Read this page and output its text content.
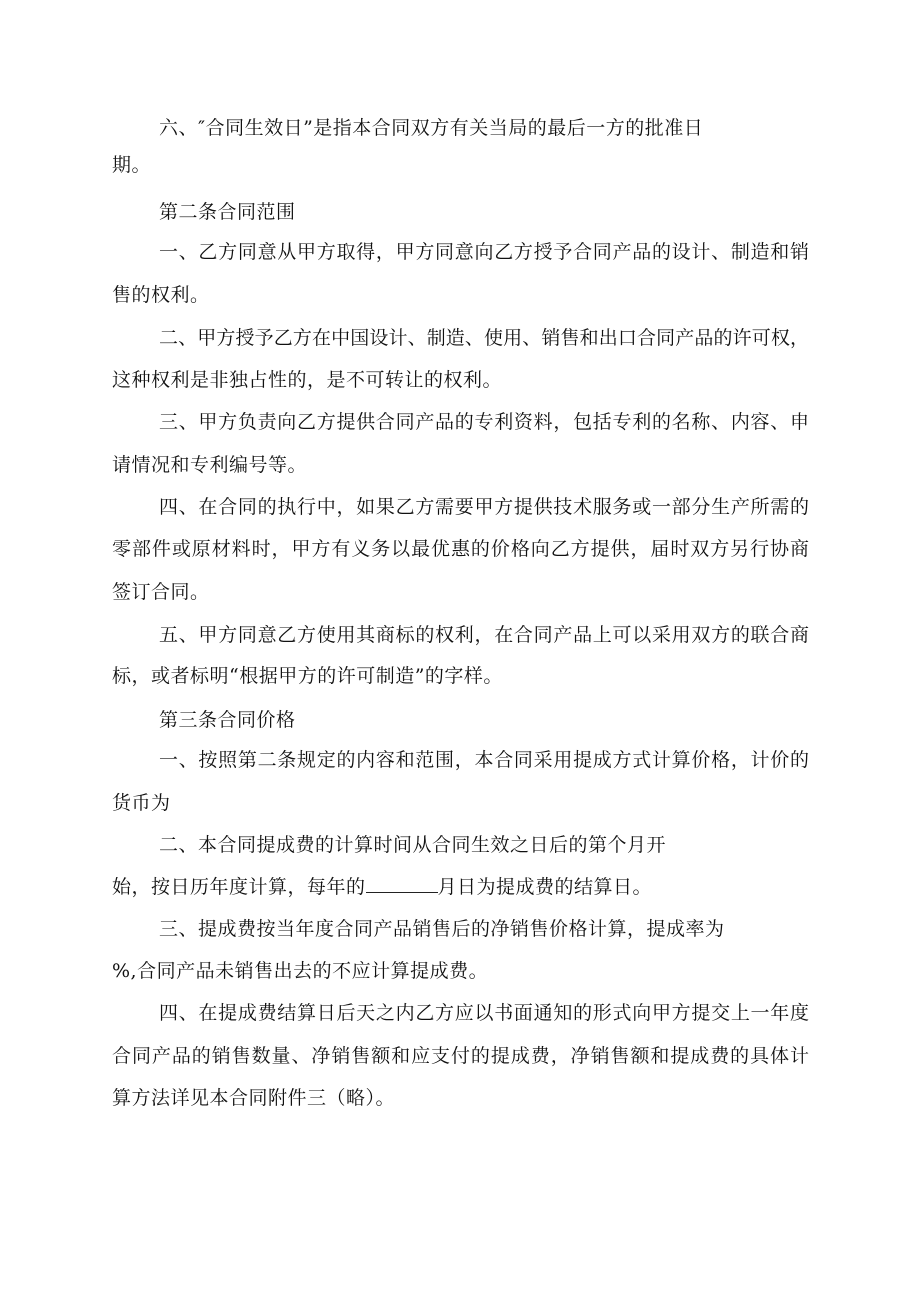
六、″合同生效日”是指本合同双方有关当局的最后一方的批准日
期。
第二条合同范围
一、乙方同意从甲方取得，甲方同意向乙方授予合同产品的设计、制造和销
售的权利。
二、甲方授予乙方在中国设计、制造、使用、销售和出口合同产品的许可权，
这种权利是非独占性的，是不可转让的权利。
三、甲方负责向乙方提供合同产品的专利资料，包括专利的名称、内容、申
请情况和专利编号等。
四、在合同的执行中，如果乙方需要甲方提供技术服务或一部分生产所需的
零部件或原材料时，甲方有义务以最优惠的价格向乙方提供，届时双方另行协商
签订合同。
五、甲方同意乙方使用其商标的权利，在合同产品上可以采用双方的联合商
标，或者标明“根据甲方的许可制造”的字样。
第三条合同价格
一、按照第二条规定的内容和范围，本合同采用提成方式计算价格，计价的
货币为
二、本合同提成费的计算时间从合同生效之日后的第个月开
始，按日历年度计算，每年的	月日为提成费的结算日。
三、提成费按当年度合同产品销售后的净销售价格计算，提成率为
%,合同产品未销售出去的不应计算提成费。
四、在提成费结算日后天之内乙方应以书面通知的形式向甲方提交上一年度
合同产品的销售数量、净销售额和应支付的提成费，净销售额和提成费的具体计
算方法详见本合同附件三（略）。
